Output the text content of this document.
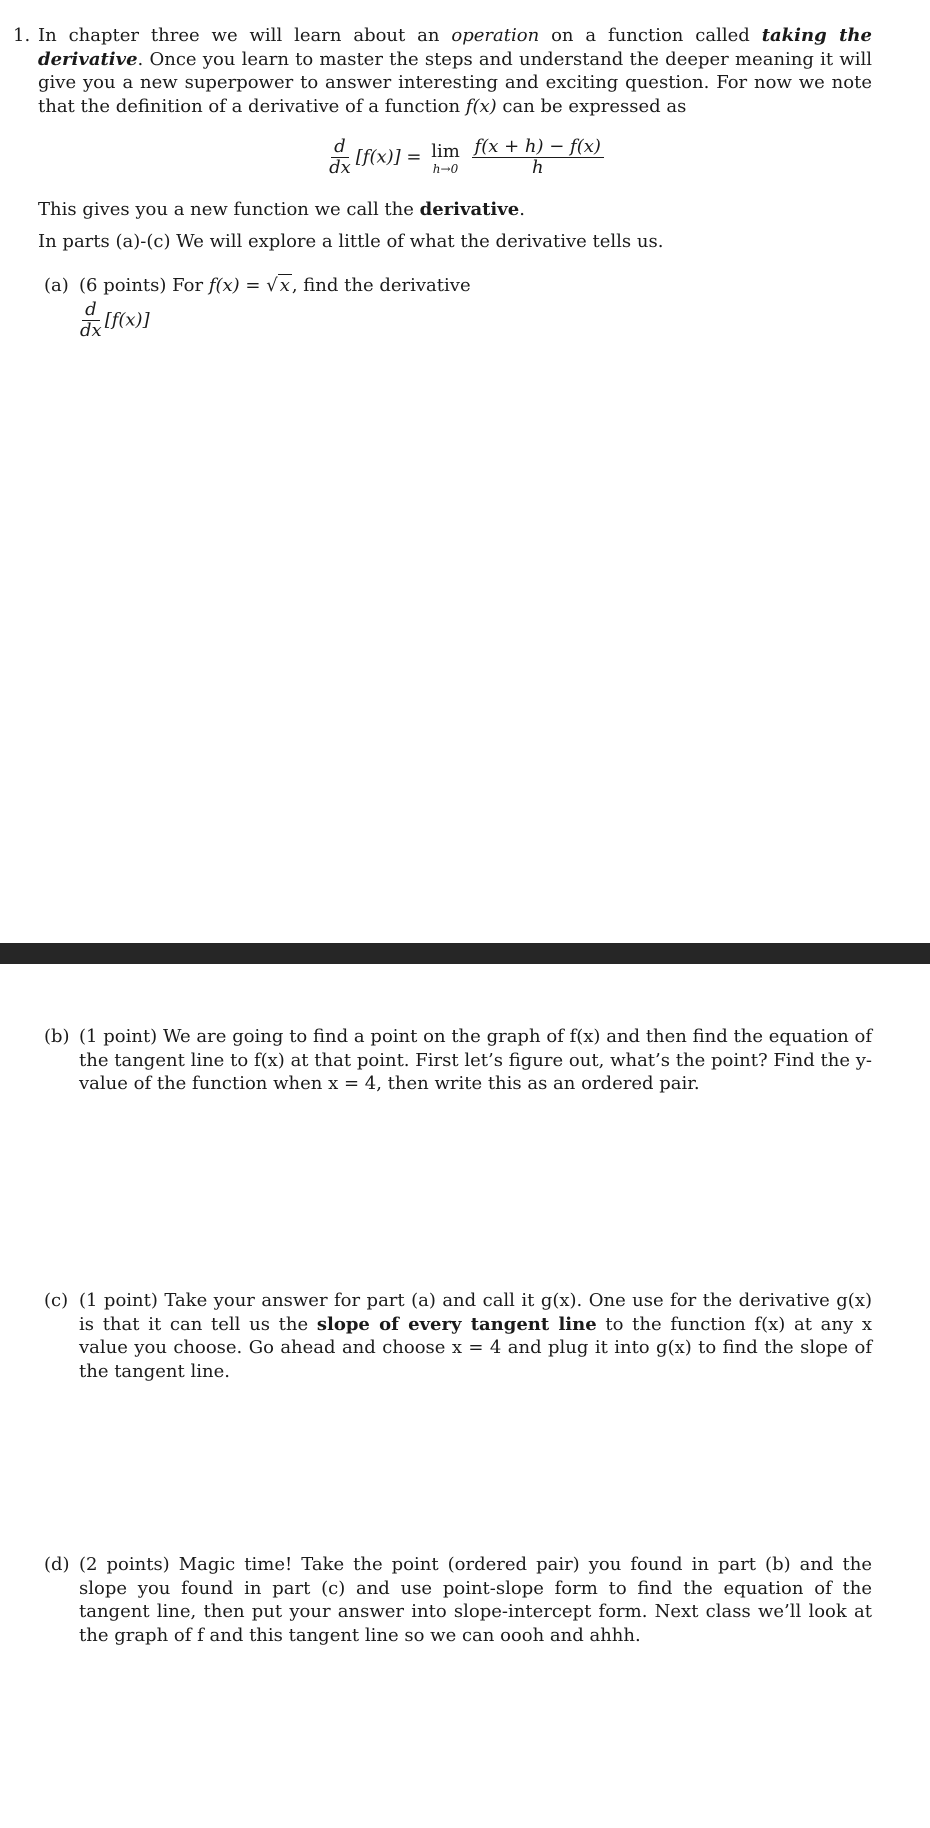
1. In chapter three we will learn about an operation on a function called taking the derivative. Once you learn to master the steps and understand the deeper meaning it will give you a new superpower to answer interesting and exciting question. For now we note that the definition of a derivative of a function f(x) can be expressed as
$\frac{d}{dx} [f(x)] = \lim$
h→0
$\frac{f(x + h) - f(x)}{h}$
This gives you a new function we call the derivative.
In parts (a)-(c) We will explore a little of what the derivative tells us.
(a) (6 points) For f(x) = √ x , find the derivative
$\frac{d}{dx} [f(x)]$
(b) (1 point) We are going to find a point on the graph of f(x) and then find the equation of the tangent line to f(x) at that point. First let’s figure out, what’s the point? Find the y-value of the function when x = 4, then write this as an ordered pair.
(c) (1 point) Take your answer for part (a) and call it g(x). One use for the derivative g(x) is that it can tell us the slope of every tangent line to the function f(x) at any x value you choose. Go ahead and choose x = 4 and plug it into g(x) to find the slope of the tangent line.
(d) (2 points) Magic time! Take the point (ordered pair) you found in part (b) and the slope you found in part (c) and use point-slope form to find the equation of the tangent line, then put your answer into slope-intercept form. Next class we’ll look at the graph of f and this tangent line so we can oooh and ahhh.
